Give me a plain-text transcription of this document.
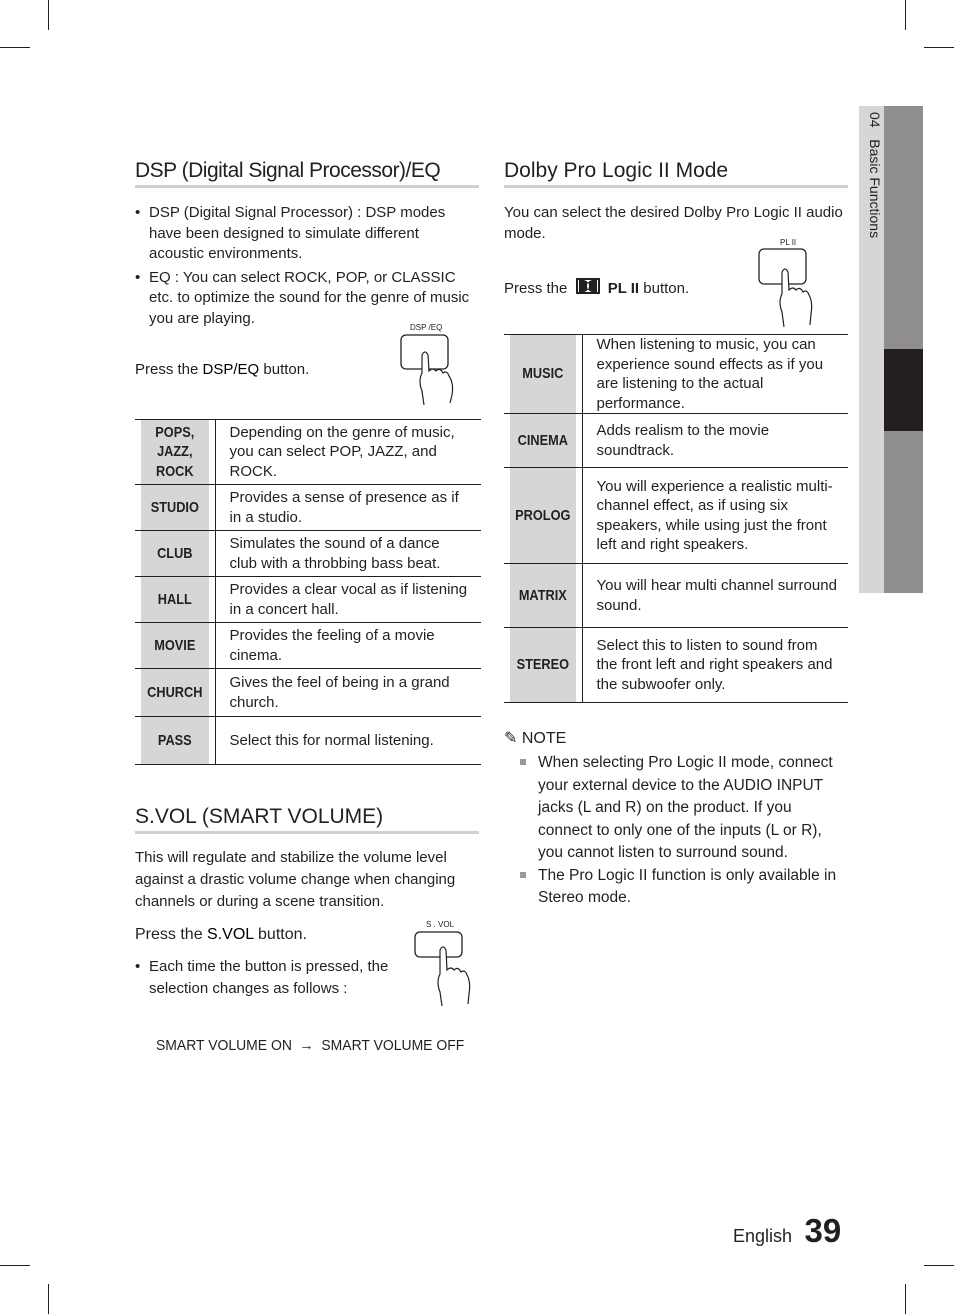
04   Basic Functions
DSP (Digital Signal Processor)/EQ
• DSP (Digital Signal Processor) : DSP modes have been designed to simulate different acoustic environments.
• EQ : You can select ROCK, POP, or CLASSIC etc. to optimize the sound for the genre of music you are playing.
Press the DSP/EQ button.
DSP /EQ
POPS, JAZZ, ROCK	Depending on the genre of music, you can select POP, JAZZ, and ROCK.
STUDIO	Provides a sense of presence as if in a studio.
CLUB	Simulates the sound of a dance club with a throbbing bass beat.
HALL	Provides a clear vocal as if listening in a concert hall.
MOVIE	Provides the feeling of a movie cinema.
CHURCH	Gives the feel of being in a grand church.
PASS	Select this for normal listening.
S.VOL (SMART VOLUME)
This will regulate and stabilize the volume level against a drastic volume change when changing channels or during a scene transition.
Press the S.VOL button.
• Each time the button is pressed, the selection changes as follows :
S . VOL
SMART VOLUME ON → SMART VOLUME OFF
Dolby Pro Logic II Mode
You can select the desired Dolby Pro Logic II audio mode.
Press the  PL II button.
PL II
MUSIC	When listening to music, you can experience sound effects as if you are listening to the actual performance.
CINEMA	Adds realism to the movie soundtrack.
PROLOG	You will experience a realistic multi-channel effect, as if using six speakers, while using just the front left and right speakers.
MATRIX	You will hear multi channel surround sound.
STEREO	Select this to listen to sound from the front left and right speakers and the subwoofer only.
✎ NOTE
When selecting Pro Logic II mode, connect your external device to the AUDIO INPUT jacks (L and R) on the product. If you connect to only one of the inputs (L or R), you cannot listen to surround sound.
The Pro Logic II function is only available in Stereo mode.
English 39
